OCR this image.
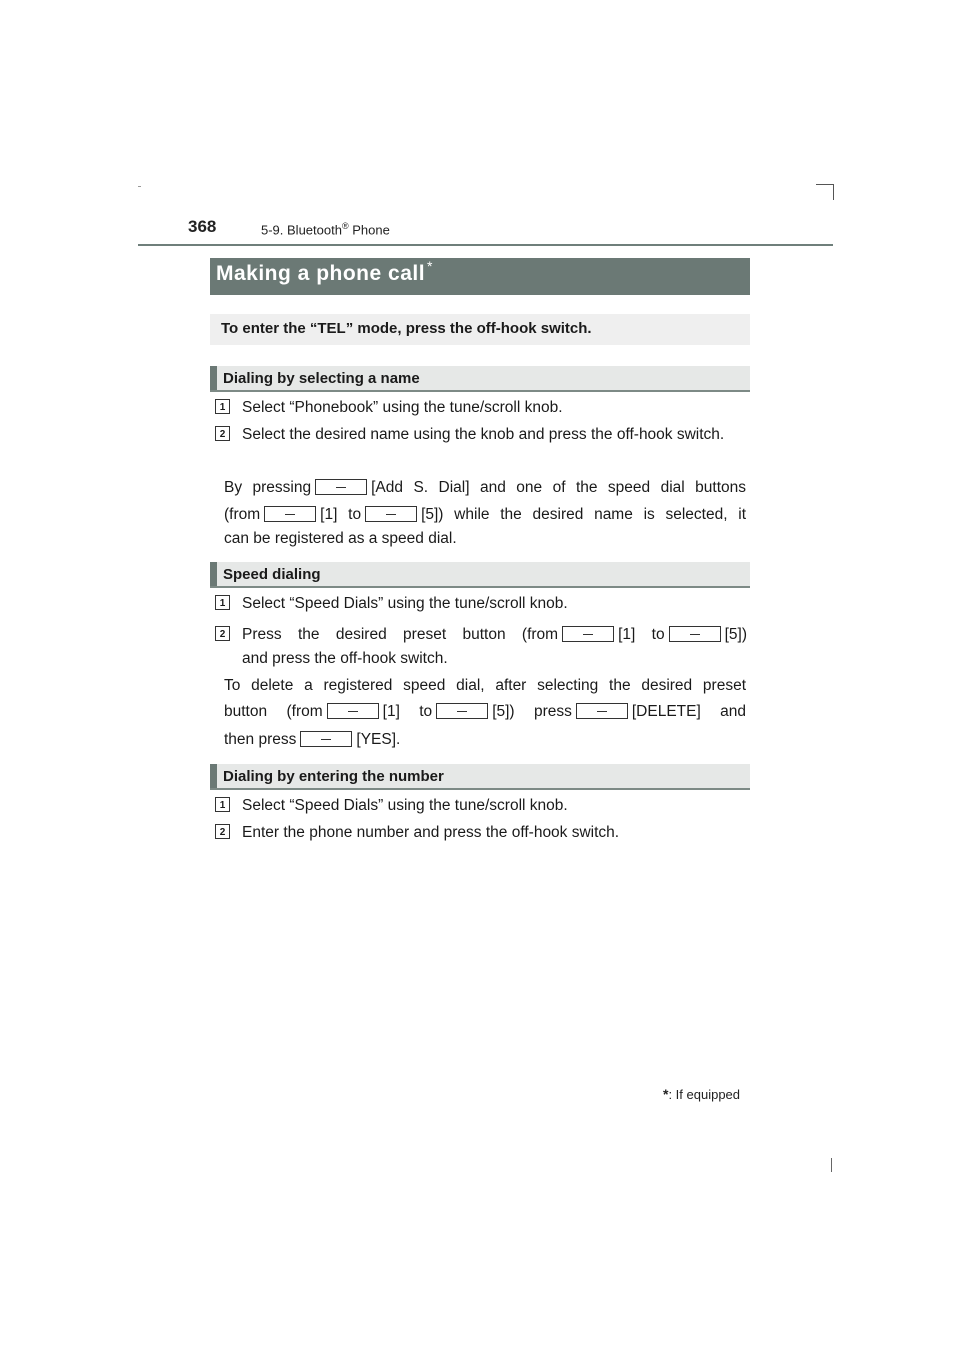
368	5-9. Bluetooth® Phone
Making a phone call *
To enter the “TEL” mode, press the off-hook switch.
Dialing by selecting a name
1	Select “Phonebook” using the tune/scroll knob.
2	Select the desired name using the knob and press the off-hook switch.
By pressing	[Add S. Dial] and one of the speed dial buttons
(from	[1] to	[5]) while the desired name is selected, it
can be registered as a speed dial.
Speed dialing
1	Select “Speed Dials” using the tune/scroll knob.
2	Press the desired preset button (from	[1] to	[5])
and press the off-hook switch.
To delete a registered speed dial, after selecting the desired preset
button (from	[1] to	[5]) press	[DELETE] and
then press	[YES].
Dialing by entering the number
1	Select “Speed Dials” using the tune/scroll knob.
2	Enter the phone number and press the off-hook switch.
*: If equipped
